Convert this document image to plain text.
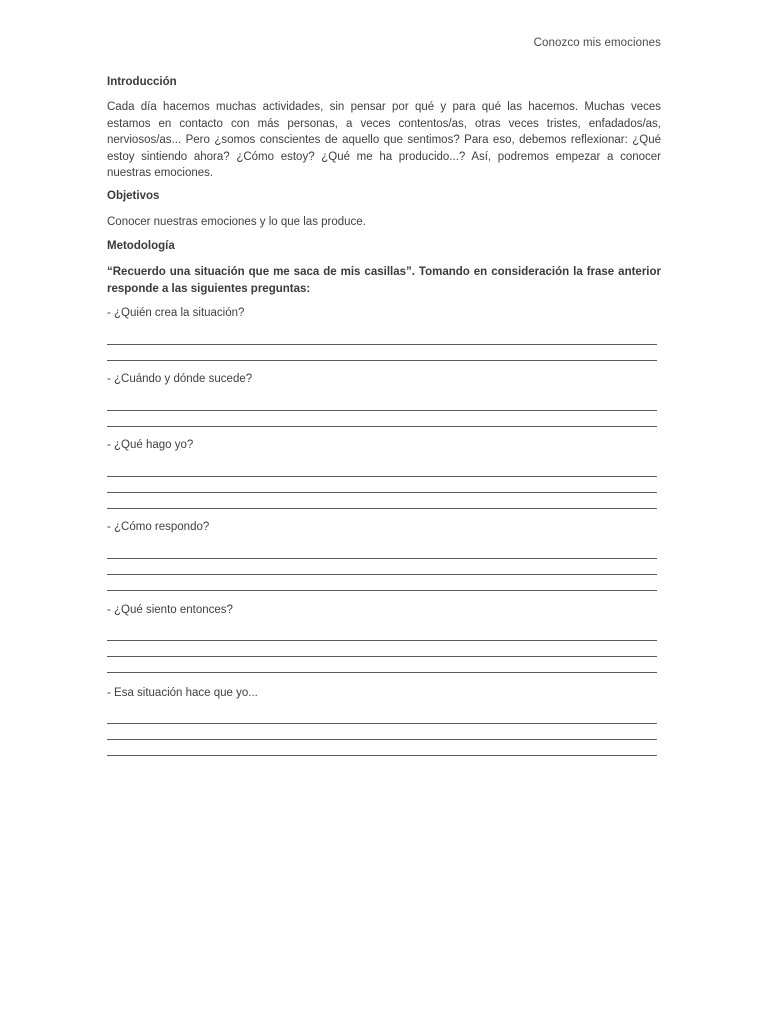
Conozco mis emociones
Introducción
Cada día hacemos muchas actividades, sin pensar por qué y para qué las hacemos. Muchas veces estamos en contacto con más personas, a veces contentos/as, otras veces tristes, enfadados/as, nerviosos/as... Pero ¿somos conscientes de aquello que sentimos? Para eso, debemos reflexionar: ¿Qué estoy sintiendo ahora? ¿Cómo estoy? ¿Qué me ha producido...? Así, podremos empezar a conocer nuestras emociones.
Objetivos
Conocer nuestras emociones y lo que las produce.
Metodología
“Recuerdo una situación que me saca de mis casillas”. Tomando en consideración la frase anterior responde a las siguientes preguntas:
- ¿Quién crea la situación?
- ¿Cuándo y dónde sucede?
- ¿Qué hago yo?
- ¿Cómo respondo?
- ¿Qué siento entonces?
- Esa situación hace que yo...
